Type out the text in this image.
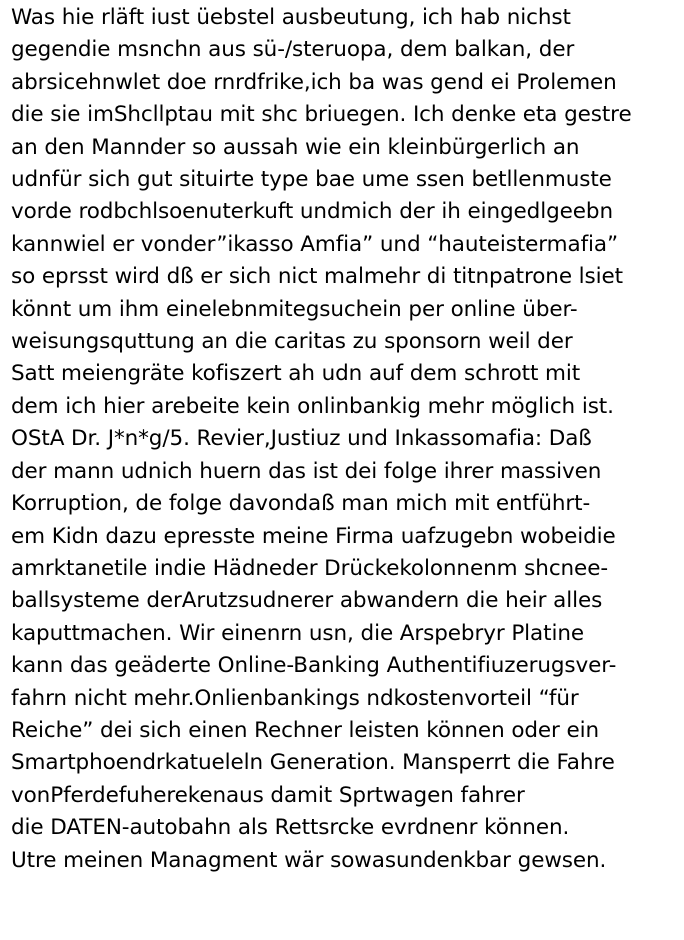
Was hie rläft iust üebstel ausbeutung, ich hab nichst
gegendie msnchn aus sü-/steruopa, dem balkan, der
abrsicehnwlet doe rnrdfrike,ich ba was gend ei Prolemen
die sie imShcllptau mit shc briuegen. Ich denke eta gestre
an den Mannder so aussah wie ein kleinbürgerlich an
udnfür sich gut situirte type bae ume ssen betllenmuste
vorde rodbchlsoenuterkuft undmich der ih eingedlgeebn
kannwiel er vonder”ikasso Amfia” und “hauteistermafia”
so eprsst wird dß er sich nict malmehr di titnpatrone lsiet
könnt um ihm einelebnmitegsuchein per online über-
weisungsquttung an die caritas zu sponsorn weil der
Satt meiengräte kofiszert ah udn auf dem schrott mit
dem ich hier arebeite kein onlinbankig mehr möglich ist.
OStA Dr. J*n*g/5. Revier,Justiuz und Inkassomafia: Daß
der mann udnich huern das ist dei folge ihrer massiven
Korruption, de folge davondaß man mich mit entführt-
em Kidn dazu epresste meine Firma uafzugebn wobeidie
amrktanetile indie Hädneder Drückekolonnenm shcnee-
ballsysteme derArutzsudnerer abwandern die heir alles
kaputtmachen. Wir einenrn usn, die Arspebryr Platine
kann das geäderte Online-Banking Authentifiuzerugsver-
fahrn nicht mehr.Onlienbankings ndkostenvorteil “für
Reiche” dei sich einen Rechner leisten können oder ein
Smartphoendrkatueleln Generation. Mansperrt die Fahre
vonPferdefuherekenaus damit Sprtwagen fahrer
die DATEN-autobahn als Rettsrcke evrdnenr können.
Utre meinen Managment wär sowasundenkbar gewsen.
